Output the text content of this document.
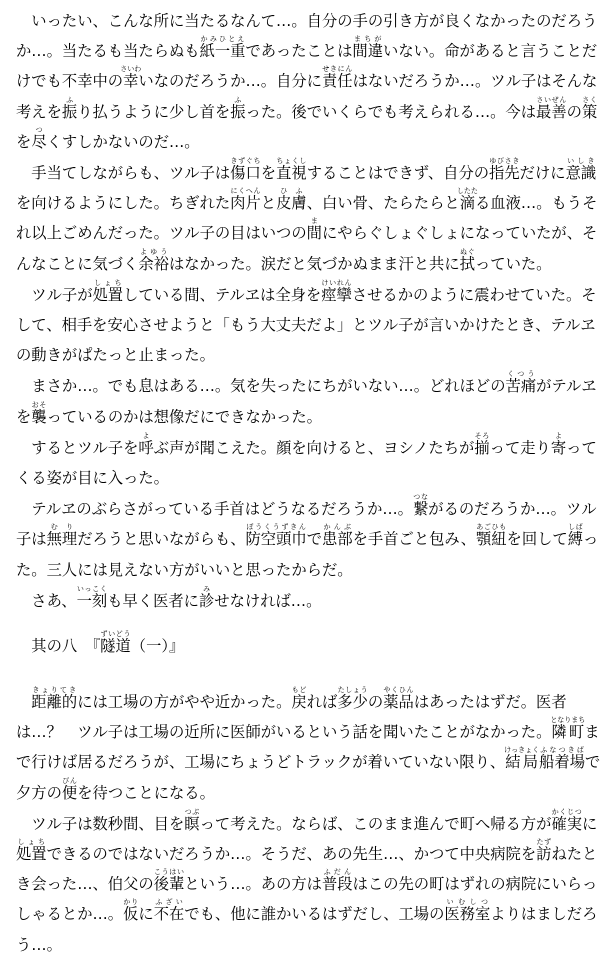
いったい、こんな所に当たるなんて…。自分の手の引き方が良くなかったのだろうか…。当たるも当たらぬも紙一重かみひとえであったことは間違まちがいない。命があると言うことだけでも不幸中の幸さいわいなのだろうか…。自分に責任せきにんはないだろうか…。ツル子はそんな考えを振ふり払うように少し首を振ふった。後でいくらでも考えられる…。今は最善さいぜんの策さくを尽つくすしかないのだ…。

手当てしながらも、ツル子は傷口きずぐちを直視ちょくしすることはできず、自分の指先ゆびさきだけに意識いしきを向けるようにした。ちぎれた肉片にくへんと皮膚ひふ、白い骨、たらたらと滴したたる血液…。もうそれ以上ごめんだった。ツル子の目はいつの間まにやらぐしょぐしょになっていたが、そんなことに気づく余裕よゆうはなかった。涙だと気づかぬまま汗と共に拭ぬぐっていた。

ツル子が処置しょちしている間、テルヱは全身を痙攣けいれんさせるかのように震わせていた。そして、相手を安心させようと「もう大丈夫だよ」とツル子が言いかけたとき、テルヱの動きがぱたっと止まった。

まさか…。でも息はある…。気を失ったにちがいない…。どれほどの苦痛くつうがテルヱを襲おそっているのかは想像だにできなかった。

するとツル子を呼よぶ声が聞こえた。顔を向けると、ヨシノたちが揃そろって走り寄よってくる姿が目に入った。

テルヱのぶらさがっている手首はどうなるだろうか…。繋つながるのだろうか…。ツル子は無理むりだろうと思いながらも、防空頭巾ぼうくうずきんで患部かんぶを手首ごと包み、顎紐あごひもを回して縛しばった。三人には見えない方がいいと思ったからだ。

さあ、一刻いっこくも早く医者に診みせなければ…。

其の八　『隧ずい道どう（一）』

距離的きょりてきには工場の方がやや近かった。戻もどれば多少たしょうの薬品やくひんはあったはずだ。医者は…？　ツル子は工場の近所に医師がいるという話を聞いたことがなかった。隣町となりまちまで行けば居るだろうが、工場にちょうどトラックが着いていない限り、結局けっきょく船着場ふなつきばで夕方の便びんを待つことになる。

ツル子は数秒間、目を瞑つぶって考えた。ならば、このまま進んで町へ帰る方が確実かくじつに処置しょちできるのではないだろうか…。そうだ、あの先生…、かつて中央病院を訪たずねたとき会った…、伯父の後輩こうはいという…。あの方は普段ふだんはこの先の町はずれの病院にいらっしゃるとか…。仮かりに不在ふざいでも、他に誰かいるはずだし、工場の医務室いむしつよりはましだろう…。
